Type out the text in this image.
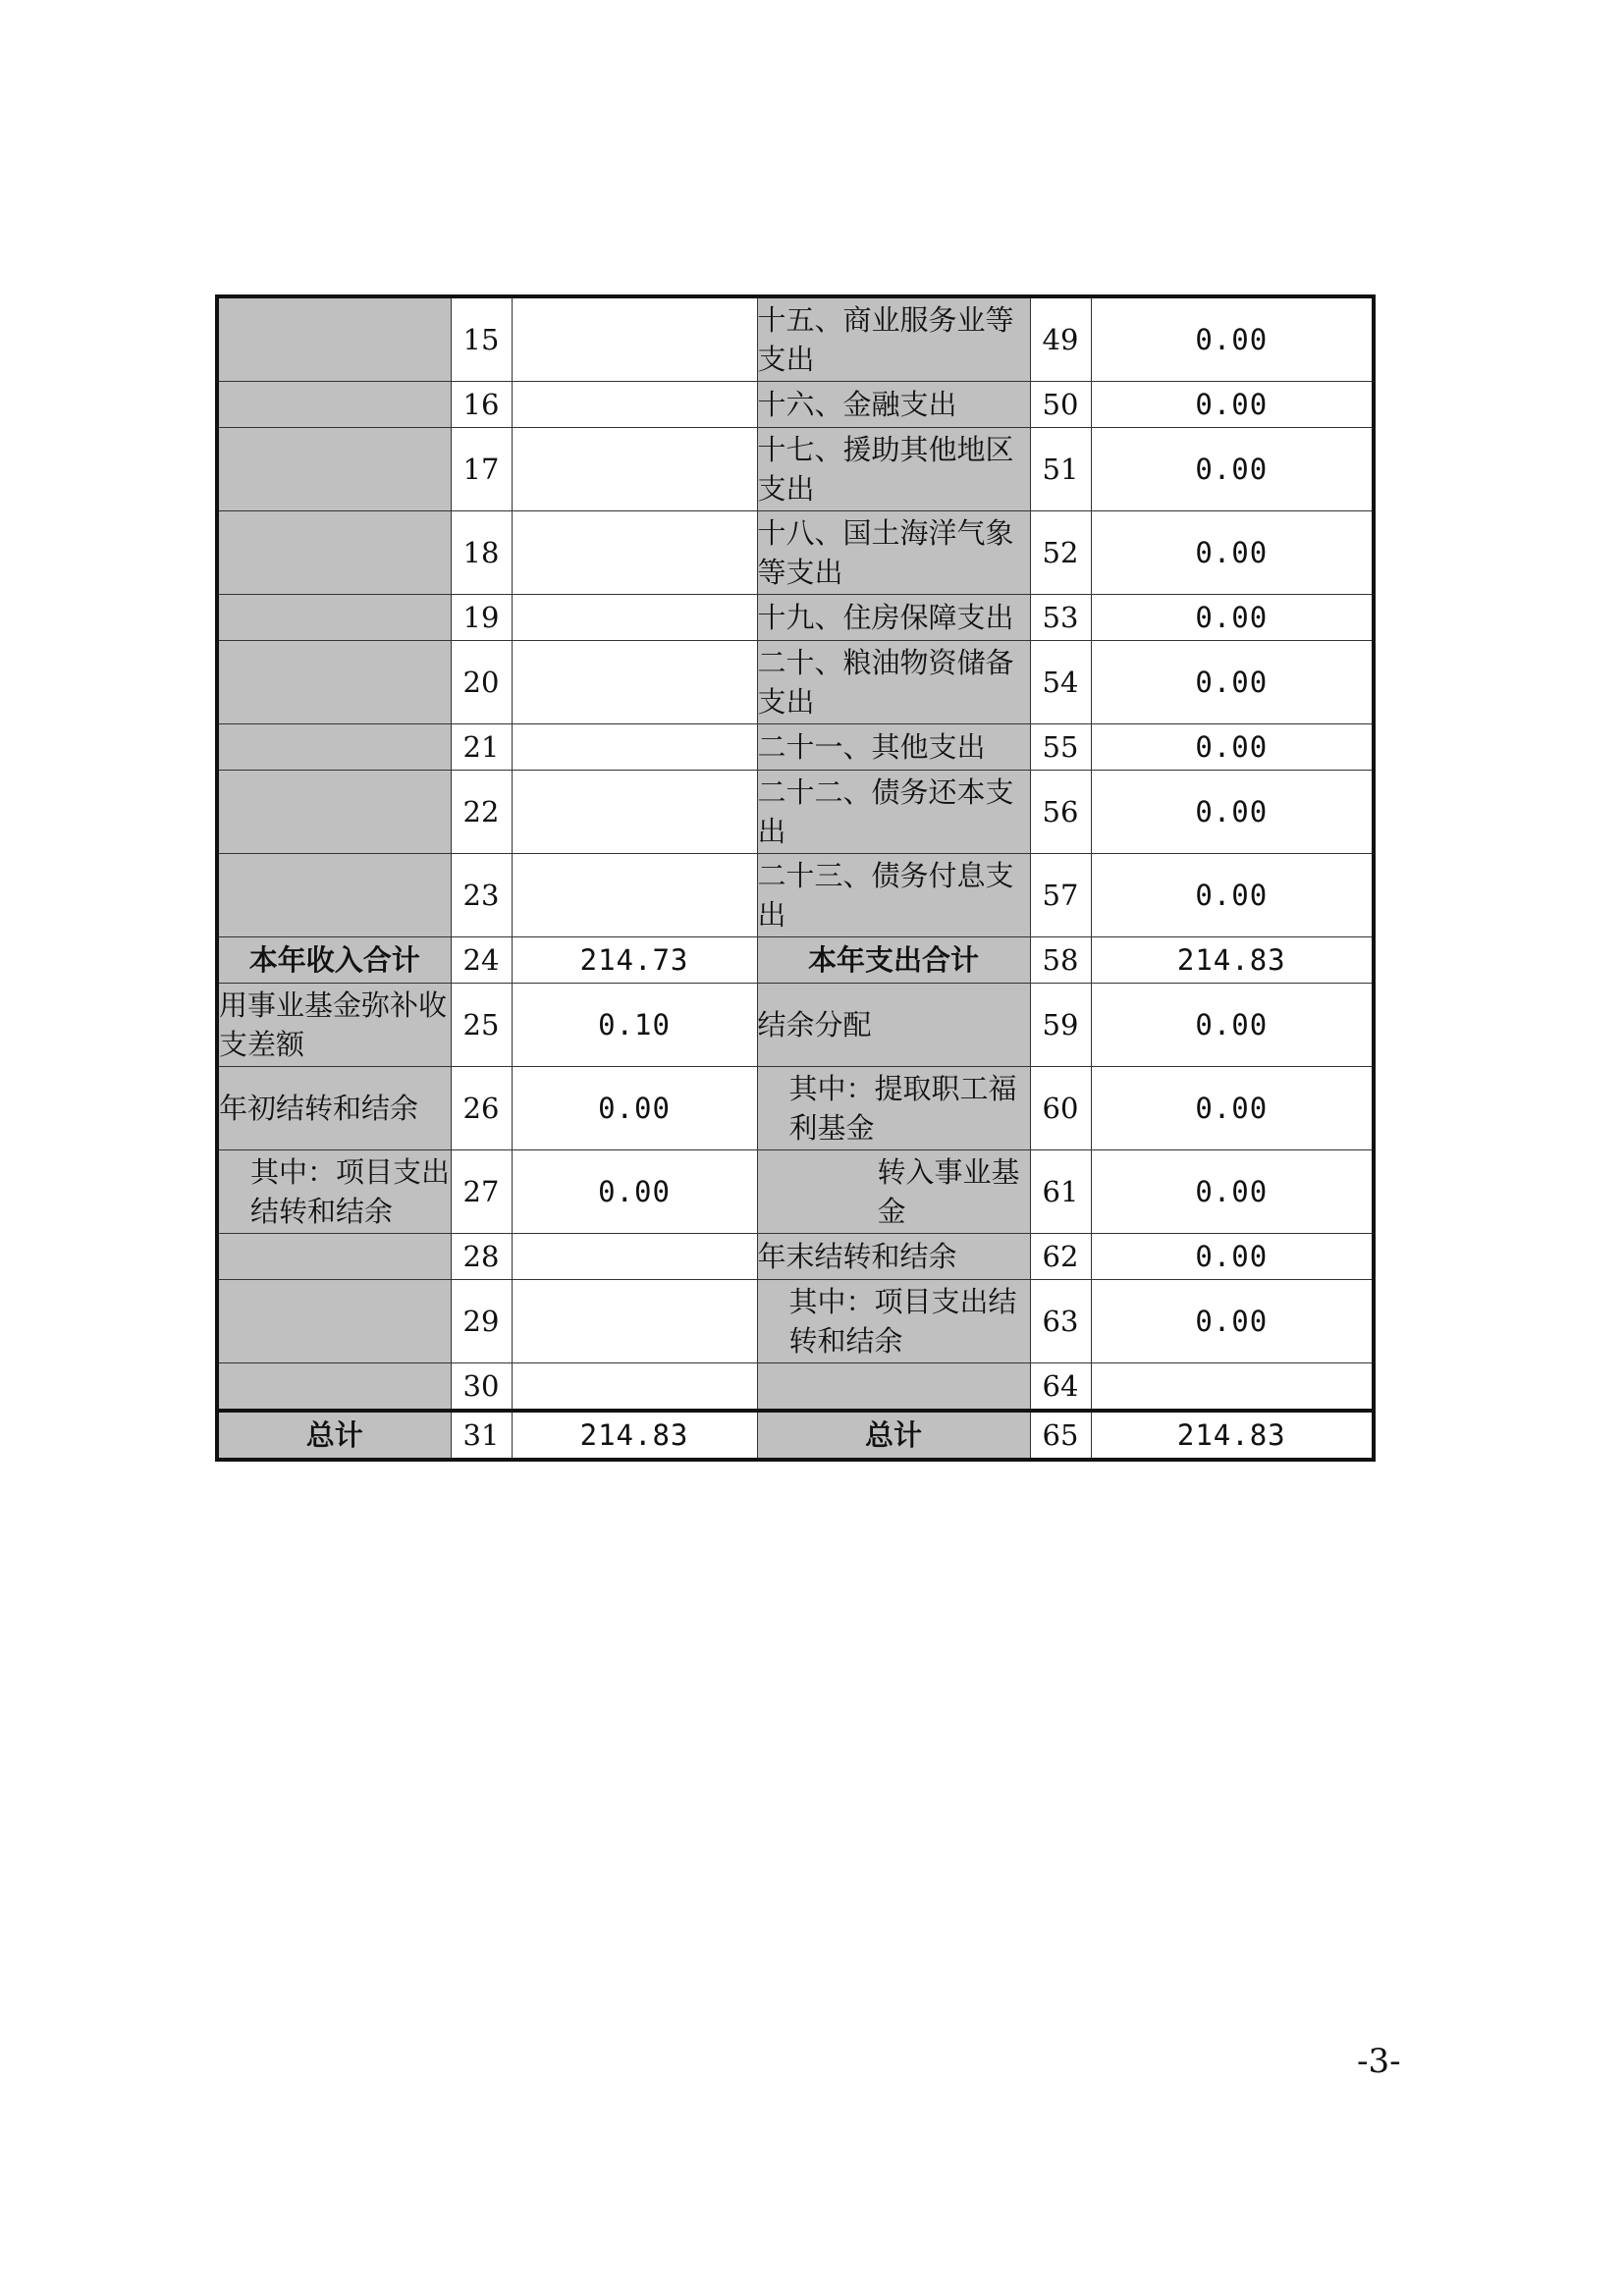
	15		十五、商业服务业等支出	49	0.00
	16		十六、金融支出	50	0.00
	17		十七、援助其他地区支出	51	0.00
	18		十八、国土海洋气象等支出	52	0.00
	19		十九、住房保障支出	53	0.00
	20		二十、粮油物资储备支出	54	0.00
	21		二十一、其他支出	55	0.00
	22		二十二、债务还本支出	56	0.00
	23		二十三、债务付息支出	57	0.00
本年收入合计	24	214.73	本年支出合计	58	214.83
用事业基金弥补收支差额	25	0.10	结余分配	59	0.00
年初结转和结余	26	0.00	其中：提取职工福利基金	60	0.00
其中：项目支出结转和结余	27	0.00	转入事业基金	61	0.00
	28		年末结转和结余	62	0.00
	29		其中：项目支出结转和结余	63	0.00
	30			64	
总计	31	214.83	总计	65	214.83
-3-
